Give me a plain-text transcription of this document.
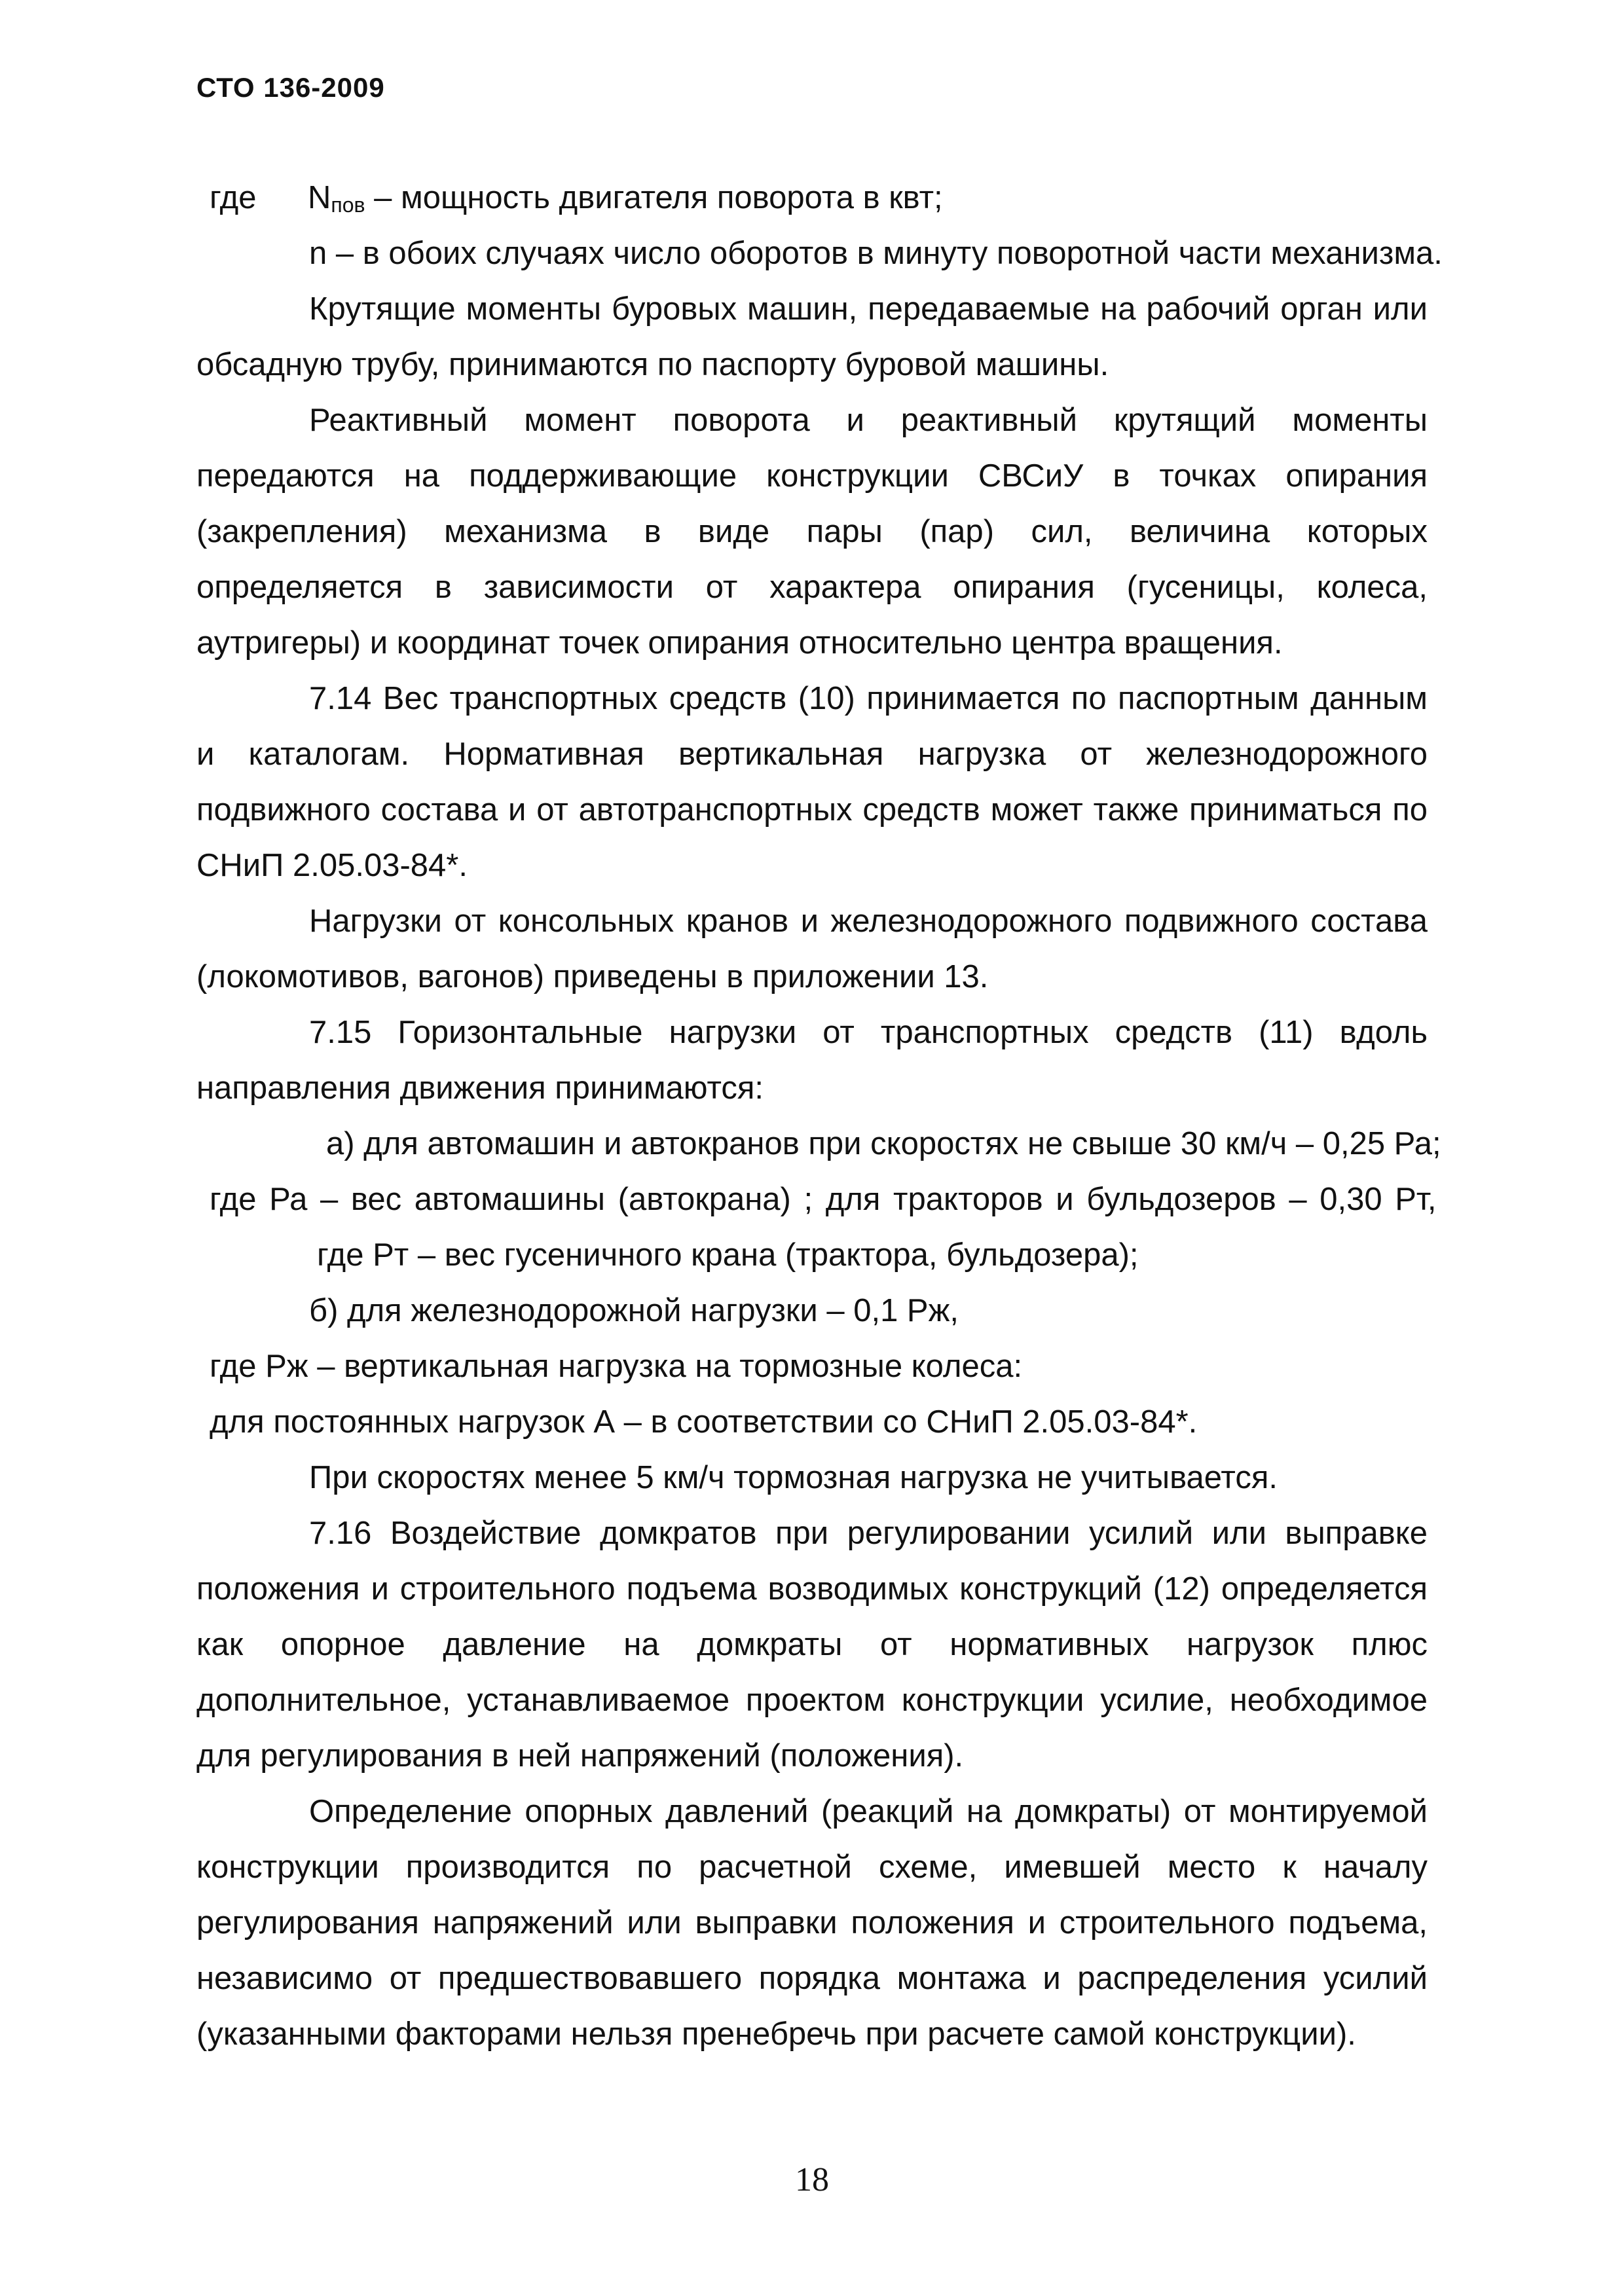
СТО 136-2009

где Nпов – мощность двигателя поворота в квт;

n – в обоих случаях число оборотов в минуту поворотной части механизма.

Крутящие моменты буровых машин, передаваемые на рабочий орган или

обсадную трубу, принимаются по паспорту буровой машины.

Реактивный момент поворота и реактивный крутящий моменты

передаются на поддерживающие конструкции СВСиУ в точках опирания

(закрепления) механизма в виде пары (пар) сил, величина которых

определяется в зависимости от характера опирания (гусеницы, колеса,

аутригеры) и координат точек опирания относительно центра вращения.

7.14 Вес транспортных средств (10) принимается по паспортным данным

и каталогам. Нормативная вертикальная нагрузка от железнодорожного

подвижного состава и от автотранспортных средств может также приниматься по

СНиП 2.05.03-84*.

Нагрузки от консольных кранов и железнодорожного подвижного состава

(локомотивов, вагонов) приведены в приложении 13.

7.15 Горизонтальные нагрузки от транспортных средств (11) вдоль

направления движения принимаются:

а) для автомашин и автокранов при скоростях не свыше 30 км/ч – 0,25 Ра;

где Ра – вес автомашины (автокрана) ; для тракторов и бульдозеров – 0,30 Рт,

где Рт – вес гусеничного крана (трактора, бульдозера);

б) для железнодорожной нагрузки – 0,1 Рж,

где Рж – вертикальная нагрузка на тормозные колеса:

для постоянных нагрузок А – в соответствии со СНиП 2.05.03-84*.

При скоростях менее 5 км/ч тормозная нагрузка не учитывается.

7.16 Воздействие домкратов при регулировании усилий или выправке

положения и строительного подъема возводимых конструкций (12) определяется

как опорное давление на домкраты от нормативных нагрузок плюс

дополнительное, устанавливаемое проектом конструкции усилие, необходимое

для регулирования в ней напряжений (положения).

Определение опорных давлений (реакций на домкраты) от монтируемой

конструкции производится по расчетной схеме, имевшей место к началу

регулирования напряжений или выправки положения и строительного подъема,

независимо от предшествовавшего порядка монтажа и распределения усилий

(указанными факторами нельзя пренебречь при расчете самой конструкции).

18
